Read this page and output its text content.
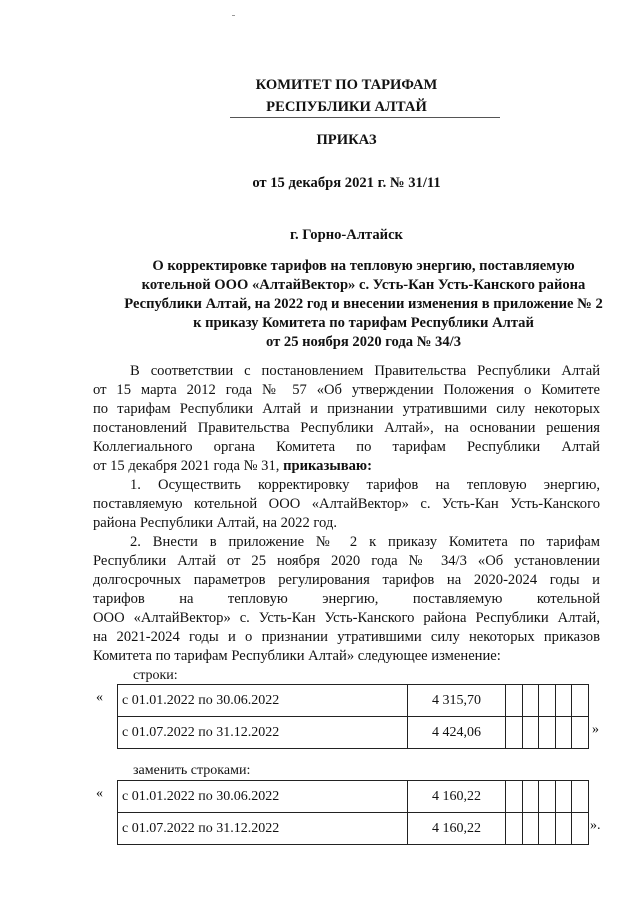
КОМИТЕТ ПО ТАРИФАМ
РЕСПУБЛИКИ АЛТАЙ
ПРИКАЗ
от 15 декабря 2021 г. № 31/11
г. Горно-Алтайск
О корректировке тарифов на тепловую энергию, поставляемую
котельной ООО «АлтайВектор» с. Усть-Кан Усть-Канского района
Республики Алтай, на 2022 год и внесении изменения в приложение № 2
к приказу Комитета по тарифам Республики Алтай
от 25 ноября 2020 года № 34/3
В соответствии с постановлением Правительства Республики Алтай
от 15 марта 2012 года № 57 «Об утверждении Положения о Комитете
по тарифам Республики Алтай и признании утратившими силу некоторых
постановлений Правительства Республики Алтай», на основании решения
Коллегиального органа Комитета по тарифам Республики Алтай
от 15 декабря 2021 года № 31, приказываю:
1. Осуществить корректировку тарифов на тепловую энергию,
поставляемую котельной ООО «АлтайВектор» с. Усть-Кан Усть-Канского
района Республики Алтай, на 2022 год.
2. Внести в приложение № 2 к приказу Комитета по тарифам
Республики Алтай от 25 ноября 2020 года № 34/3 «Об установлении
долгосрочных параметров регулирования тарифов на 2020-2024 годы и
тарифов на тепловую энергию, поставляемую котельной
ООО «АлтайВектор» с. Усть-Кан Усть-Канского района Республики Алтай,
на 2021-2024 годы и о признании утратившими силу некоторых приказов
Комитета по тарифам Республики Алтай» следующее изменение:
строки:
« с 01.01.2022 по 30.06.2022	4 315,70					
с 01.07.2022 по 31.12.2022	4 424,06						»
заменить строками:
« с 01.01.2022 по 30.06.2022	4 160,22					
с 01.07.2022 по 31.12.2022	4 160,22						».
